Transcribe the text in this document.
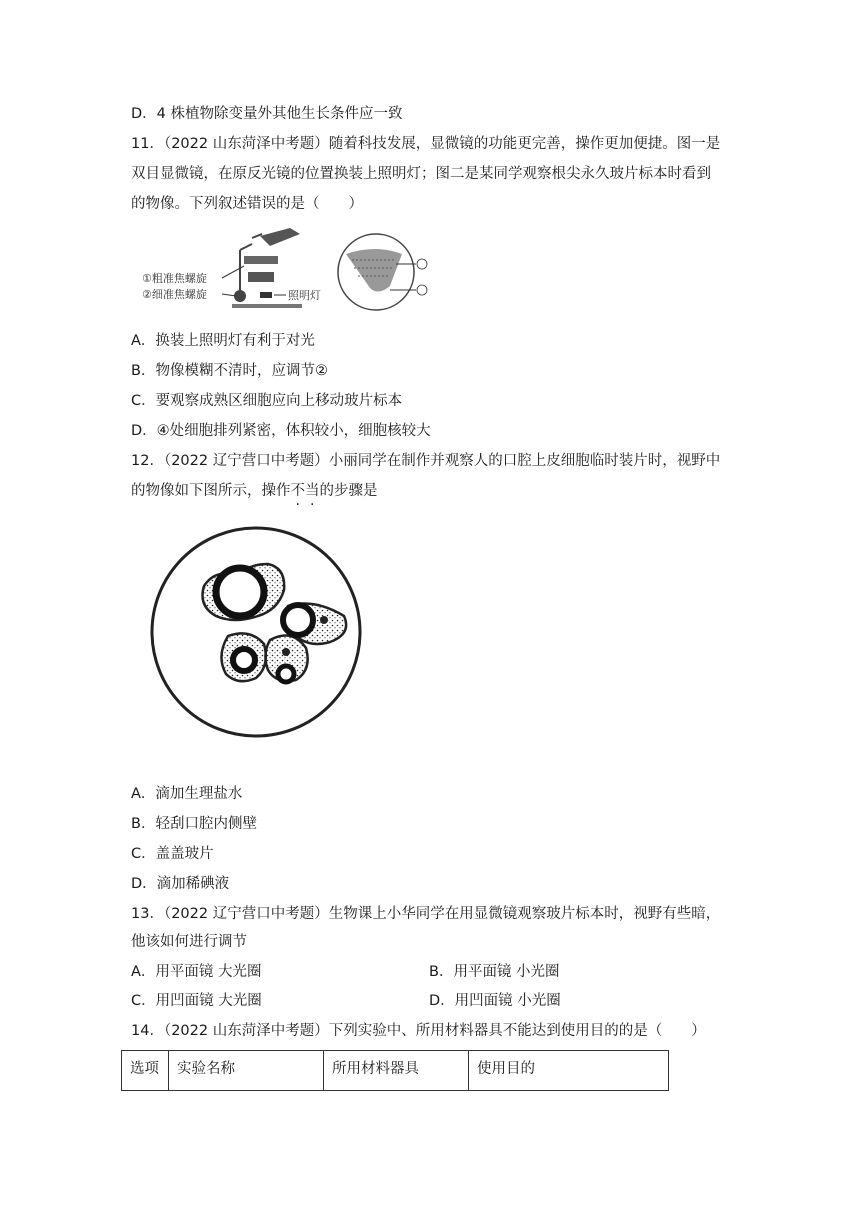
D．4 株植物除变量外其他生长条件应一致
11．（2022 山东菏泽中考题）随着科技发展，显微镜的功能更完善，操作更加便捷。图一是
双目显微镜，在原反光镜的位置换装上照明灯；图二是某同学观察根尖永久玻片标本时看到
的物像。下列叙述错误的是（　　）
①粗准焦螺旋
②细准焦螺旋	照明灯
A．换装上照明灯有利于对光
B．物像模糊不清时，应调节②
C．要观察成熟区细胞应向上移动玻片标本
D．④处细胞排列紧密，体积较小，细胞核较大
12．（2022 辽宁营口中考题）小丽同学在制作并观察人的口腔上皮细胞临时装片时，视野中
的物像如下图所示，操作不当的步骤是
A．滴加生理盐水
B．轻刮口腔内侧壁
C．盖盖玻片
D．滴加稀碘液
13．（2022 辽宁营口中考题）生物课上小华同学在用显微镜观察玻片标本时，视野有些暗，
他该如何进行调节
A．用平面镜 大光圈	B．用平面镜 小光圈
C．用凹面镜 大光圈	D．用凹面镜 小光圈
14．（2022 山东菏泽中考题）下列实验中、所用材料器具不能达到使用目的的是（　　）
选项	实验名称	所用材料器具	使用目的
